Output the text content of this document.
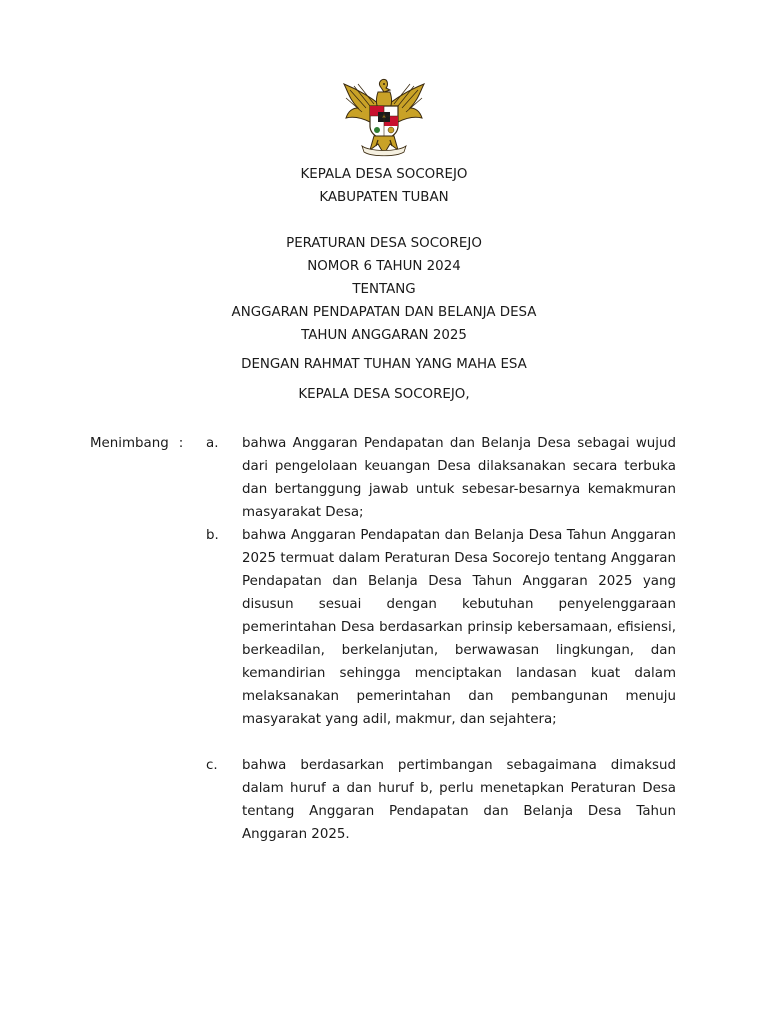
KEPALA DESA SOCOREJO
KABUPATEN TUBAN
PERATURAN DESA SOCOREJO
NOMOR 6 TAHUN 2024
TENTANG
ANGGARAN PENDAPATAN DAN BELANJA DESA
TAHUN ANGGARAN 2025
DENGAN RAHMAT TUHAN YANG MAHA ESA
KEPALA DESA SOCOREJO,
Menimbang : a. bahwa Anggaran Pendapatan dan Belanja Desa sebagai wujud dari pengelolaan keuangan Desa dilaksanakan secara terbuka dan bertanggung jawab untuk sebesar-besarnya kemakmuran masyarakat Desa;
b. bahwa Anggaran Pendapatan dan Belanja Desa Tahun Anggaran 2025 termuat dalam Peraturan Desa Socorejo tentang Anggaran Pendapatan dan Belanja Desa Tahun Anggaran 2025 yang disusun sesuai dengan kebutuhan penyelenggaraan pemerintahan Desa berdasarkan prinsip kebersamaan, efisiensi, berkeadilan, berkelanjutan, berwawasan lingkungan, dan kemandirian sehingga menciptakan landasan kuat dalam melaksanakan pemerintahan dan pembangunan menuju masyarakat yang adil, makmur, dan sejahtera;
c. bahwa berdasarkan pertimbangan sebagaimana dimaksud dalam huruf a dan huruf b, perlu menetapkan Peraturan Desa tentang Anggaran Pendapatan dan Belanja Desa Tahun Anggaran 2025.
